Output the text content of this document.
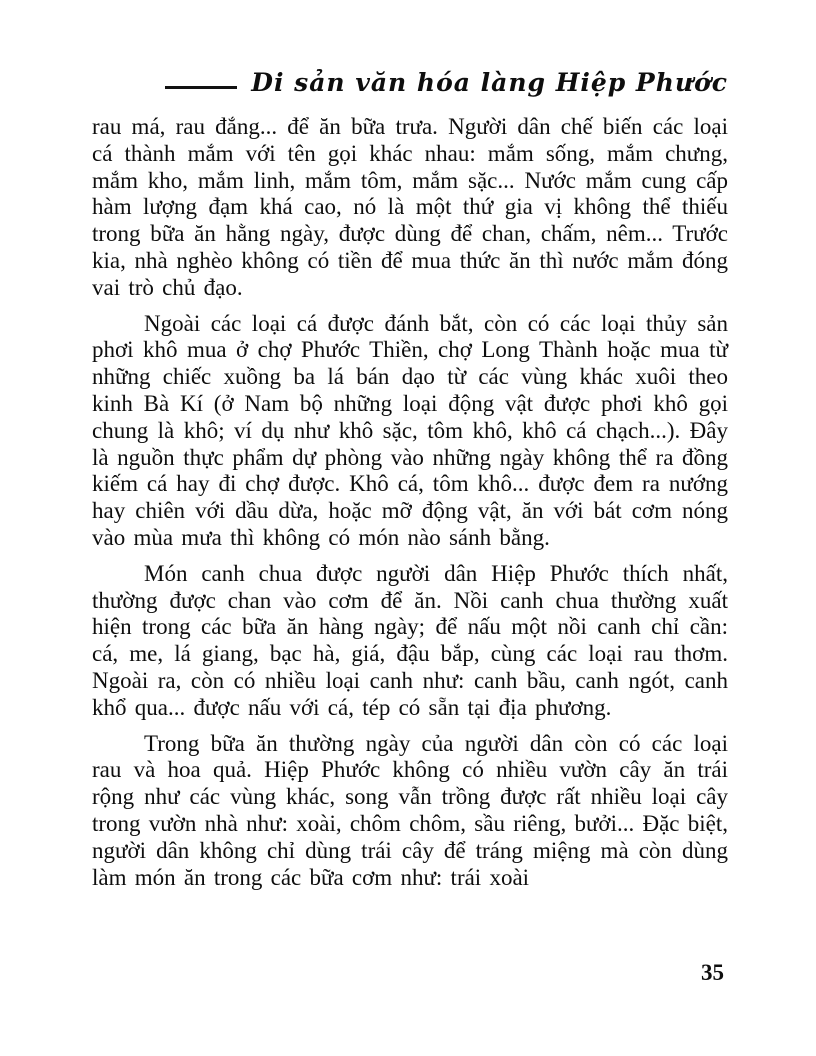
Di sản văn hóa làng Hiệp Phước

rau má, rau đắng... để ăn bữa trưa. Người dân chế biến các loại cá thành mắm với tên gọi khác nhau: mắm sống, mắm chưng, mắm kho, mắm linh, mắm tôm, mắm sặc... Nước mắm cung cấp hàm lượng đạm khá cao, nó là một thứ gia vị không thể thiếu trong bữa ăn hằng ngày, được dùng để chan, chấm, nêm... Trước kia, nhà nghèo không có tiền để mua thức ăn thì nước mắm đóng vai trò chủ đạo.

Ngoài các loại cá được đánh bắt, còn có các loại thủy sản phơi khô mua ở chợ Phước Thiền, chợ Long Thành hoặc mua từ những chiếc xuồng ba lá bán dạo từ các vùng khác xuôi theo kinh Bà Kí (ở Nam bộ những loại động vật được phơi khô gọi chung là khô; ví dụ như khô sặc, tôm khô, khô cá chạch...). Đây là nguồn thực phẩm dự phòng vào những ngày không thể ra đồng kiếm cá hay đi chợ được. Khô cá, tôm khô... được đem ra nướng hay chiên với dầu dừa, hoặc mỡ động vật, ăn với bát cơm nóng vào mùa mưa thì không có món nào sánh bằng.

Món canh chua được người dân Hiệp Phước thích nhất, thường được chan vào cơm để ăn. Nồi canh chua thường xuất hiện trong các bữa ăn hàng ngày; để nấu một nồi canh chỉ cần: cá, me, lá giang, bạc hà, giá, đậu bắp, cùng các loại rau thơm. Ngoài ra, còn có nhiều loại canh như: canh bầu, canh ngót, canh khổ qua... được nấu với cá, tép có sẵn tại địa phương.

Trong bữa ăn thường ngày của người dân còn có các loại rau và hoa quả. Hiệp Phước không có nhiều vườn cây ăn trái rộng như các vùng khác, song vẫn trồng được rất nhiều loại cây trong vườn nhà như: xoài, chôm chôm, sầu riêng, bưởi... Đặc biệt, người dân không chỉ dùng trái cây để tráng miệng mà còn dùng làm món ăn trong các bữa cơm như: trái xoài

35
